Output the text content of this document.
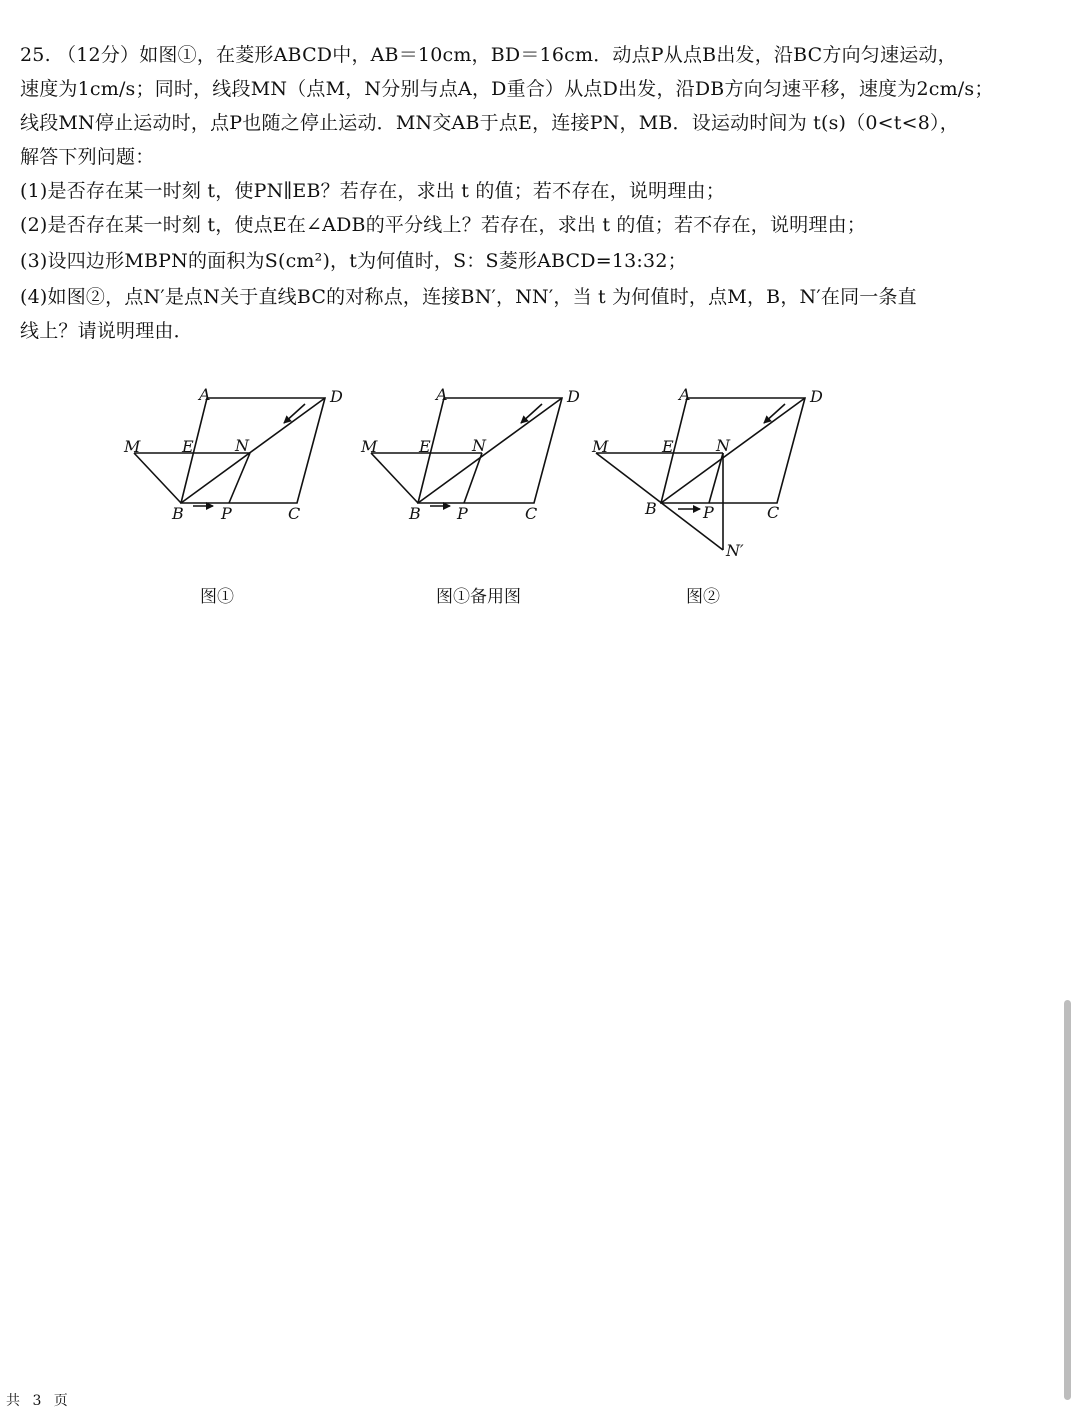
25. （12分）如图①，在菱形ABCD中，AB＝10cm，BD＝16cm．动点P从点B出发，沿BC方向匀速运动，
速度为1cm/s；同时，线段MN（点M，N分别与点A，D重合）从点D出发，沿DB方向匀速平移，速度为2cm/s；
线段MN停止运动时，点P也随之停止运动．MN交AB于点E，连接PN，MB．设运动时间为 t(s)（0<t<8），
解答下列问题：
(1)是否存在某一时刻 t，使PN∥EB？若存在，求出 t 的值；若不存在，说明理由；
(2)是否存在某一时刻 t，使点E在∠ADB的平分线上？若存在，求出 t 的值；若不存在，说明理由；
(3)设四边形MBPN的面积为S(cm²)，t为何值时，S：S菱形ABCD=13:32；
(4)如图②，点N′是点N关于直线BC的对称点，连接BN′，NN′，当 t 为何值时，点M，B，N′在同一条直
线上？请说明理由．
A	D
M	E	N
B P	C
图①
A	D
M	E	N
B P	C
图①备用图
A	D
M	E	N
B	P	C
N′
图②
共 3 页
